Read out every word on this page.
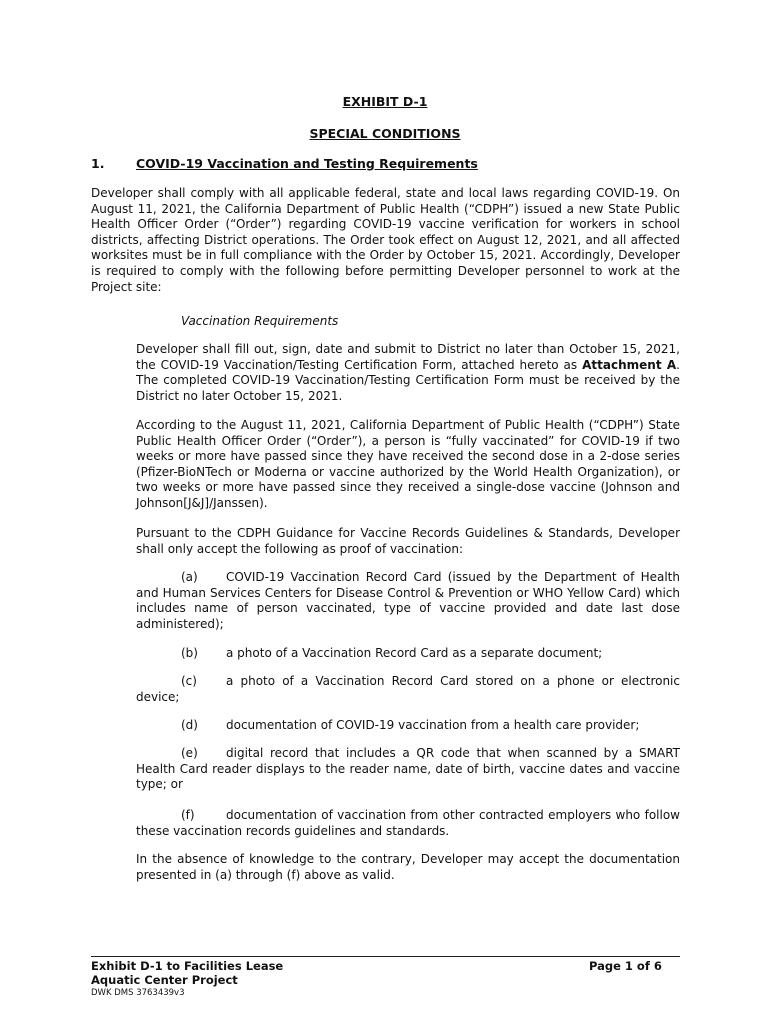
EXHIBIT D-1
SPECIAL CONDITIONS
1.	COVID-19 Vaccination and Testing Requirements

Developer shall comply with all applicable federal, state and local laws regarding COVID-19. On August 11, 2021, the California Department of Public Health (“CDPH”) issued a new State Public Health Officer Order (“Order”) regarding COVID-19 vaccine verification for workers in school districts, affecting District operations. The Order took effect on August 12, 2021, and all affected worksites must be in full compliance with the Order by October 15, 2021. Accordingly, Developer is required to comply with the following before permitting Developer personnel to work at the Project site:

Vaccination Requirements

Developer shall fill out, sign, date and submit to District no later than October 15, 2021, the COVID-19 Vaccination/Testing Certification Form, attached hereto as Attachment A. The completed COVID-19 Vaccination/Testing Certification Form must be received by the District no later October 15, 2021.

According to the August 11, 2021, California Department of Public Health (“CDPH”) State Public Health Officer Order (“Order”), a person is “fully vaccinated” for COVID-19 if two weeks or more have passed since they have received the second dose in a 2-dose series (Pfizer-BioNTech or Moderna or vaccine authorized by the World Health Organization), or two weeks or more have passed since they received a single-dose vaccine (Johnson and Johnson[J&J]/Janssen).

Pursuant to the CDPH Guidance for Vaccine Records Guidelines & Standards, Developer shall only accept the following as proof of vaccination:

(a) COVID-19 Vaccination Record Card (issued by the Department of Health and Human Services Centers for Disease Control & Prevention or WHO Yellow Card) which includes name of person vaccinated, type of vaccine provided and date last dose administered);
(b) a photo of a Vaccination Record Card as a separate document;
(c) a photo of a Vaccination Record Card stored on a phone or electronic device;
(d) documentation of COVID-19 vaccination from a health care provider;
(e) digital record that includes a QR code that when scanned by a SMART Health Card reader displays to the reader name, date of birth, vaccine dates and vaccine type; or
(f)	documentation of vaccination from other contracted employers who follow these vaccination records guidelines and standards.

In the absence of knowledge to the contrary, Developer may accept the documentation presented in (a) through (f) above as valid.

Exhibit D-1 to Facilities Lease
Aquatic Center Project
DWK DMS 3763439v3
Page 1 of 6
